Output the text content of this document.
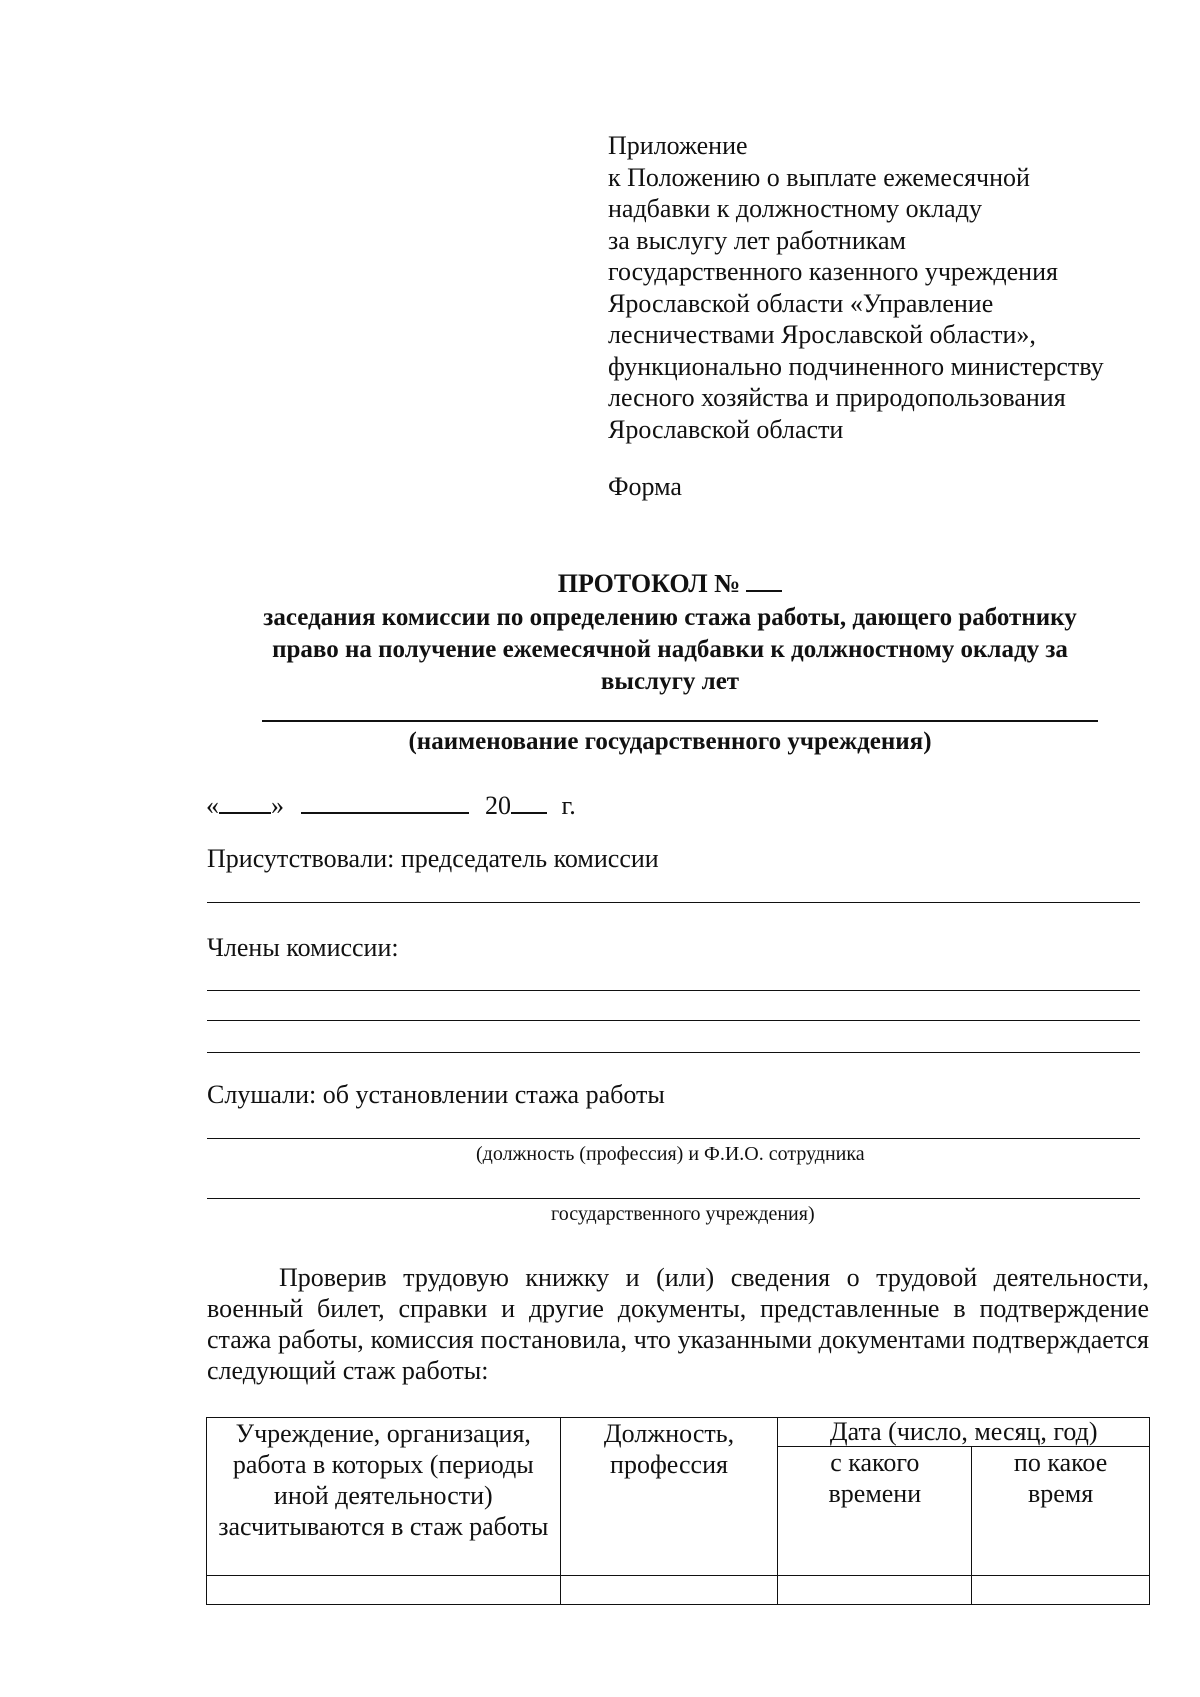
Приложение
к Положению о выплате ежемесячной
надбавки к должностному окладу
за выслугу лет работникам
государственного казенного учреждения
Ярославской области «Управление
лесничествами Ярославской области»,
функционально подчиненного министерству
лесного хозяйства и природопользования
Ярославской области
Форма
ПРОТОКОЛ №
заседания комиссии по определению стажа работы, дающего работнику
право на получение ежемесячной надбавки к должностному окладу за
выслугу лет
(наименование государственного учреждения)
« »	20 г.
Присутствовали: председатель комиссии
Члены комиссии:
Слушали: об установлении стажа работы
(должность (профессия) и Ф.И.О. сотрудника
государственного учреждения)
Проверив трудовую книжку и (или) сведения о трудовой деятельности, военный билет, справки и другие документы, представленные в подтверждение стажа работы, комиссия постановила, что указанными документами подтверждается следующий стаж работы:
Учреждение, организация, работа в которых (периоды иной деятельности) засчитываются в стаж работы	Должность, профессия	Дата (число, месяц, год)	
		с какого времени	по какое время
